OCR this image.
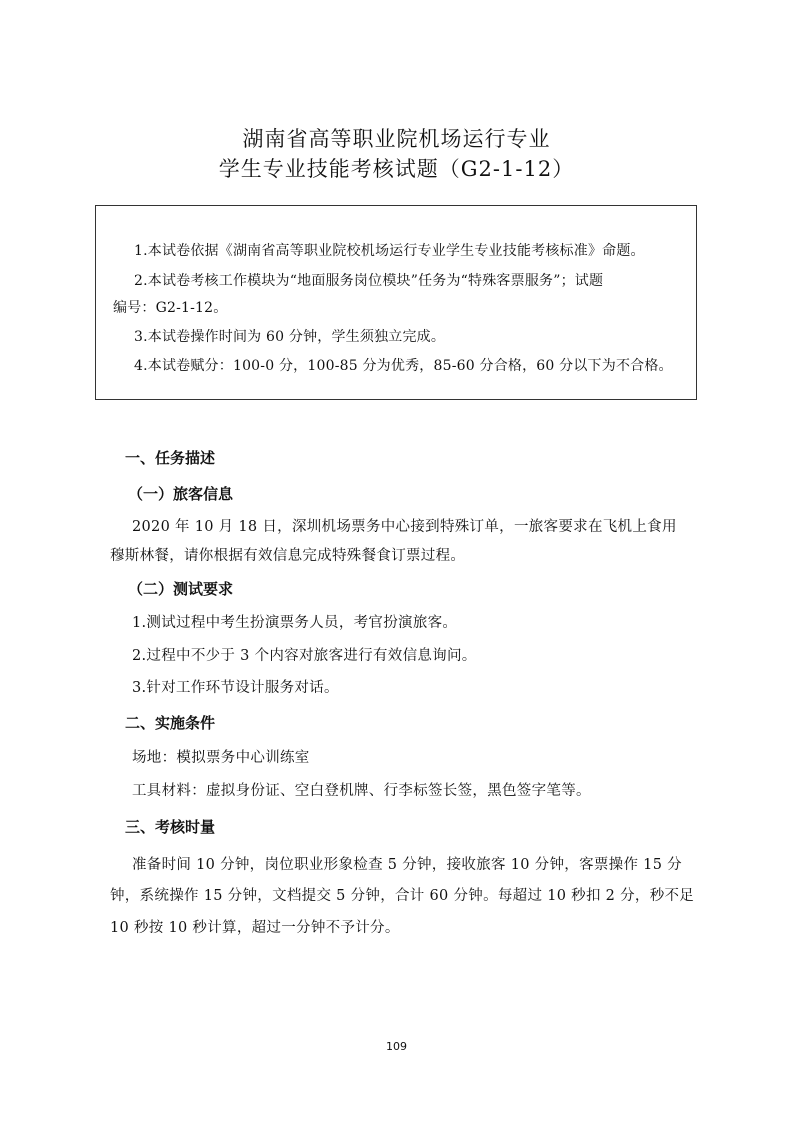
湖南省高等职业院机场运行专业
学生专业技能考核试题（G2-1-12）
1.本试卷依据《湖南省高等职业院校机场运行专业学生专业技能考核标准》命题。
2.本试卷考核工作模块为“地面服务岗位模块”任务为“特殊客票服务”；试题
编号：G2-1-12。
3.本试卷操作时间为 60 分钟，学生须独立完成。
4.本试卷赋分：100-0 分，100-85 分为优秀，85-60 分合格，60 分以下为不合格。
一、任务描述
（一）旅客信息
2020 年 10 月 18 日，深圳机场票务中心接到特殊订单，一旅客要求在飞机上食用
穆斯林餐，请你根据有效信息完成特殊餐食订票过程。
（二）测试要求
1.测试过程中考生扮演票务人员，考官扮演旅客。
2.过程中不少于 3 个内容对旅客进行有效信息询问。
3.针对工作环节设计服务对话。
二、实施条件
场地：模拟票务中心训练室
工具材料：虚拟身份证、空白登机牌、行李标签长签，黑色签字笔等。
三、考核时量
准备时间 10 分钟，岗位职业形象检查 5 分钟，接收旅客 10 分钟，客票操作 15 分
钟，系统操作 15 分钟，文档提交 5 分钟，合计 60 分钟。每超过 10 秒扣 2 分，秒不足
10 秒按 10 秒计算，超过一分钟不予计分。
109
